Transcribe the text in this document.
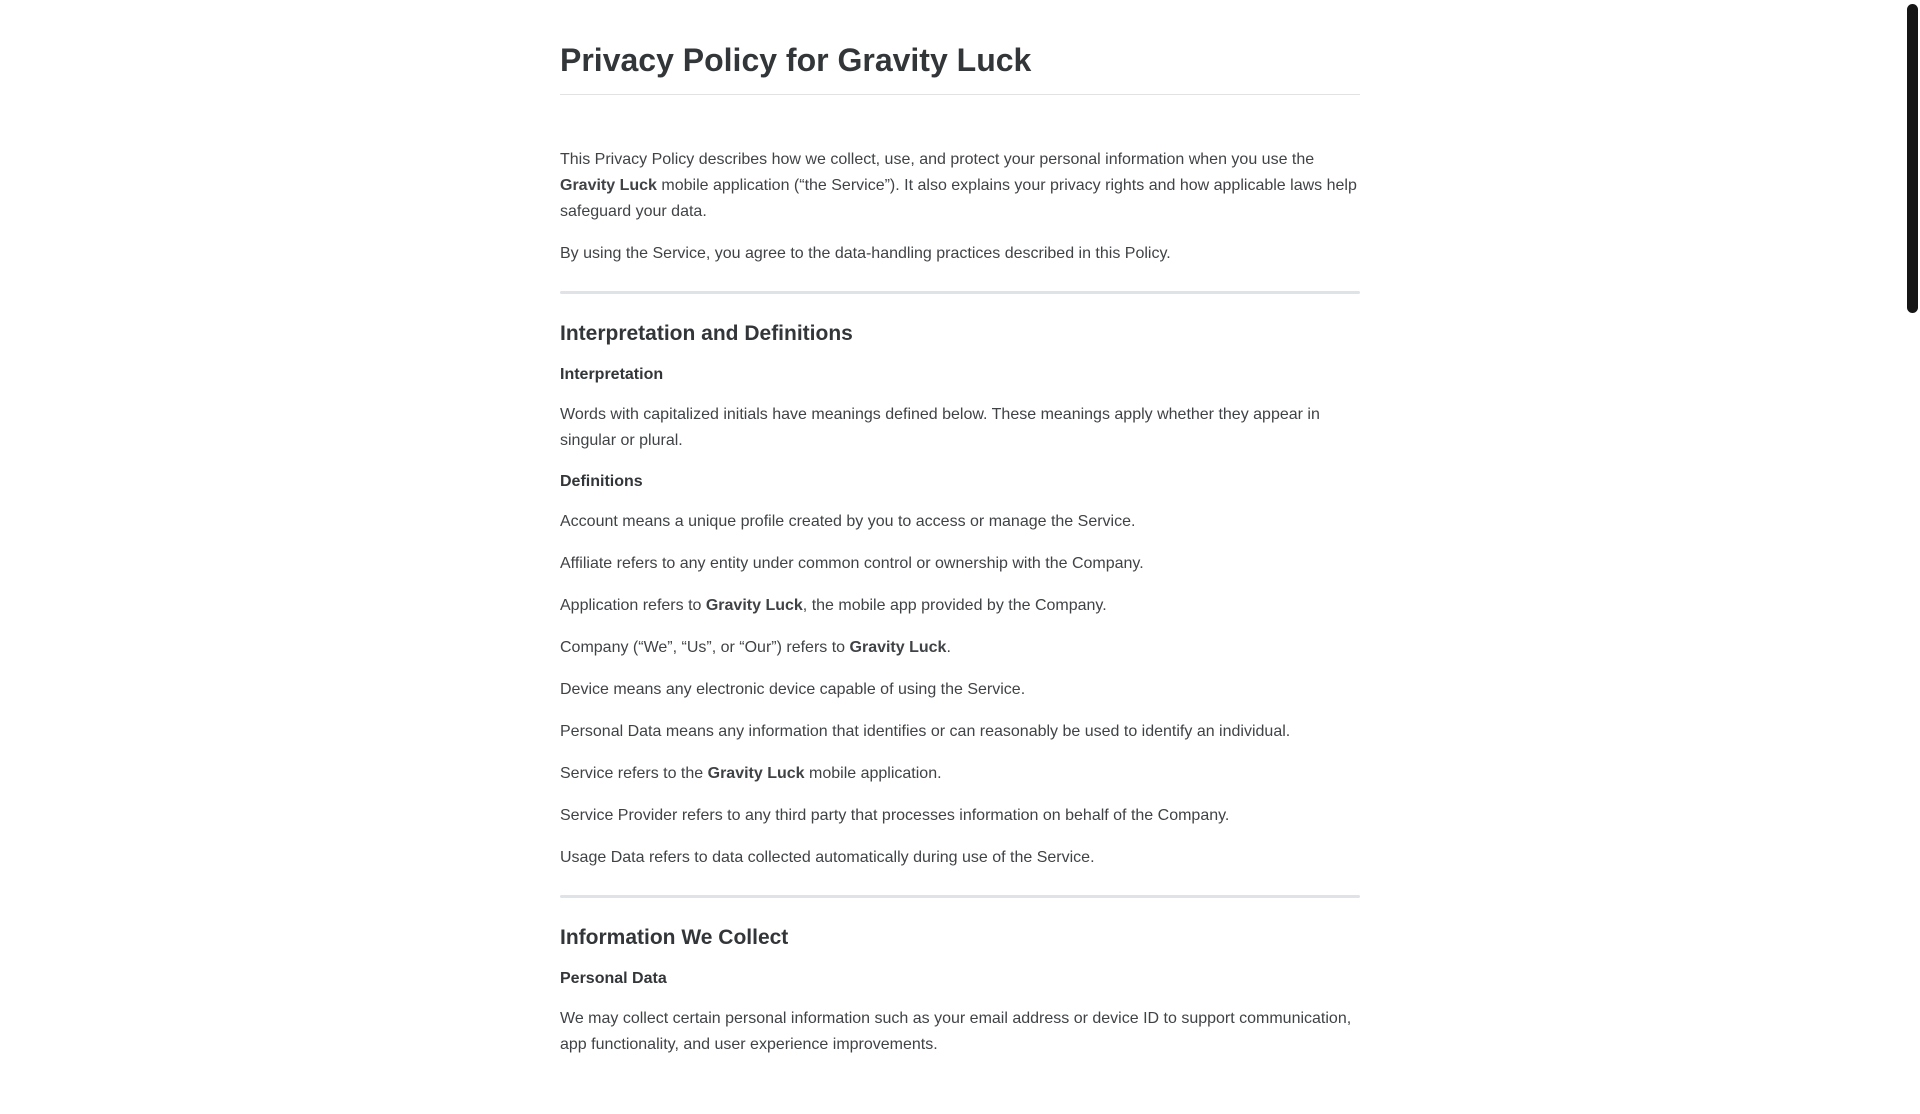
Privacy Policy for Gravity Luck

This Privacy Policy describes how we collect, use, and protect your personal information when you use the Gravity Luck mobile application (“the Service”). It also explains your privacy rights and how applicable laws help safeguard your data.

By using the Service, you agree to the data-handling practices described in this Policy.

Interpretation and Definitions
Interpretation

Words with capitalized initials have meanings defined below. These meanings apply whether they appear in singular or plural.

Definitions

Account means a unique profile created by you to access or manage the Service.

Affiliate refers to any entity under common control or ownership with the Company.

Application refers to Gravity Luck, the mobile app provided by the Company.

Company (“We”, “Us”, or “Our”) refers to Gravity Luck.

Device means any electronic device capable of using the Service.

Personal Data means any information that identifies or can reasonably be used to identify an individual.

Service refers to the Gravity Luck mobile application.

Service Provider refers to any third party that processes information on behalf of the Company.

Usage Data refers to data collected automatically during use of the Service.

Information We Collect
Personal Data

We may collect certain personal information such as your email address or device ID to support communication, app functionality, and user experience improvements.
